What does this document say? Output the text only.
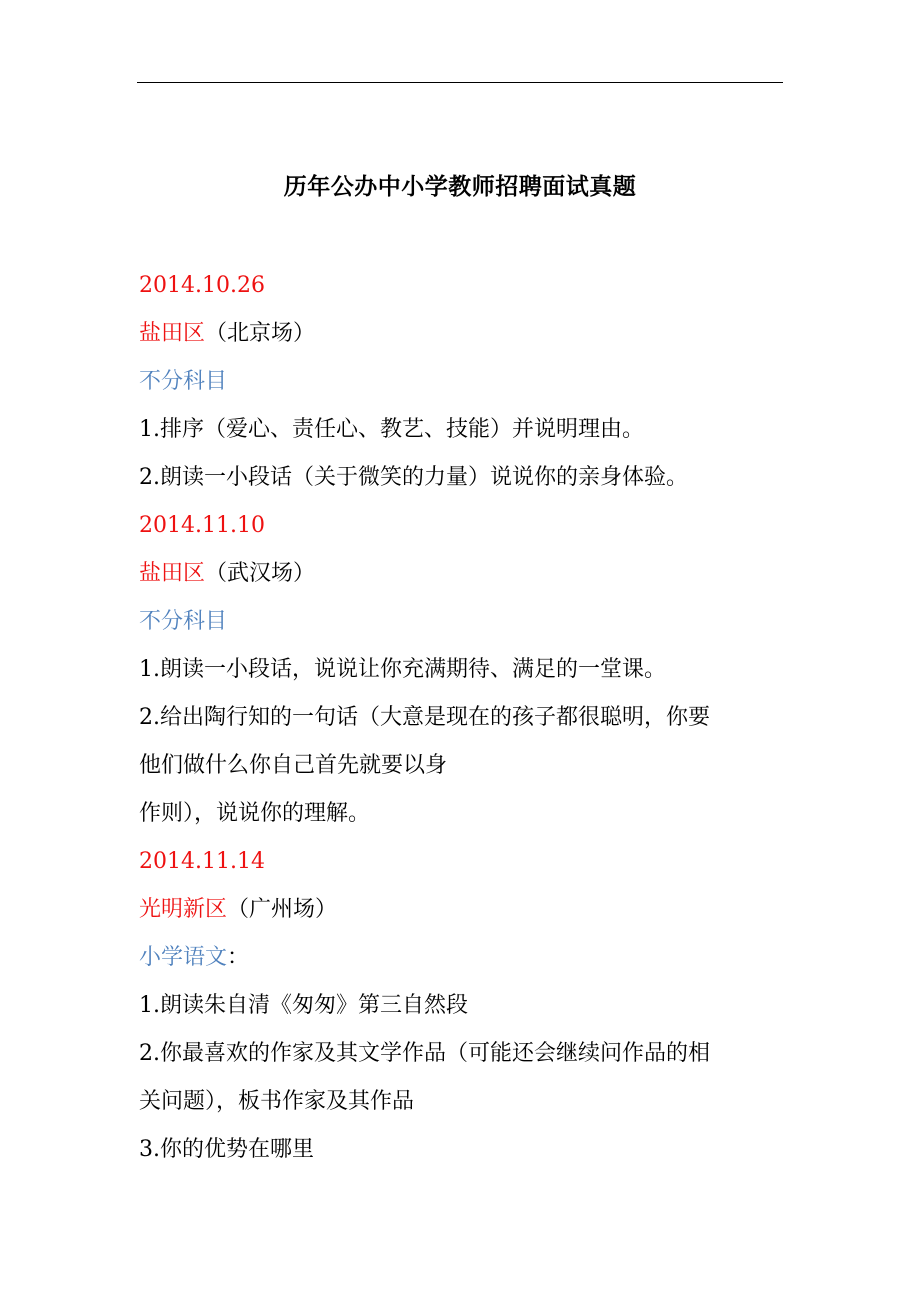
历年公办中小学教师招聘面试真题
2014.10.26
盐田区（北京场）
不分科目
1.排序（爱心、责任心、教艺、技能）并说明理由。
2.朗读一小段话（关于微笑的力量）说说你的亲身体验。
2014.11.10
盐田区（武汉场）
不分科目
1.朗读一小段话，说说让你充满期待、满足的一堂课。
2.给出陶行知的一句话（大意是现在的孩子都很聪明，你要
他们做什么你自己首先就要以身
作则），说说你的理解。
2014.11.14
光明新区（广州场）
小学语文：
1.朗读朱自清《匆匆》第三自然段
2.你最喜欢的作家及其文学作品（可能还会继续问作品的相
关问题），板书作家及其作品
3.你的优势在哪里
